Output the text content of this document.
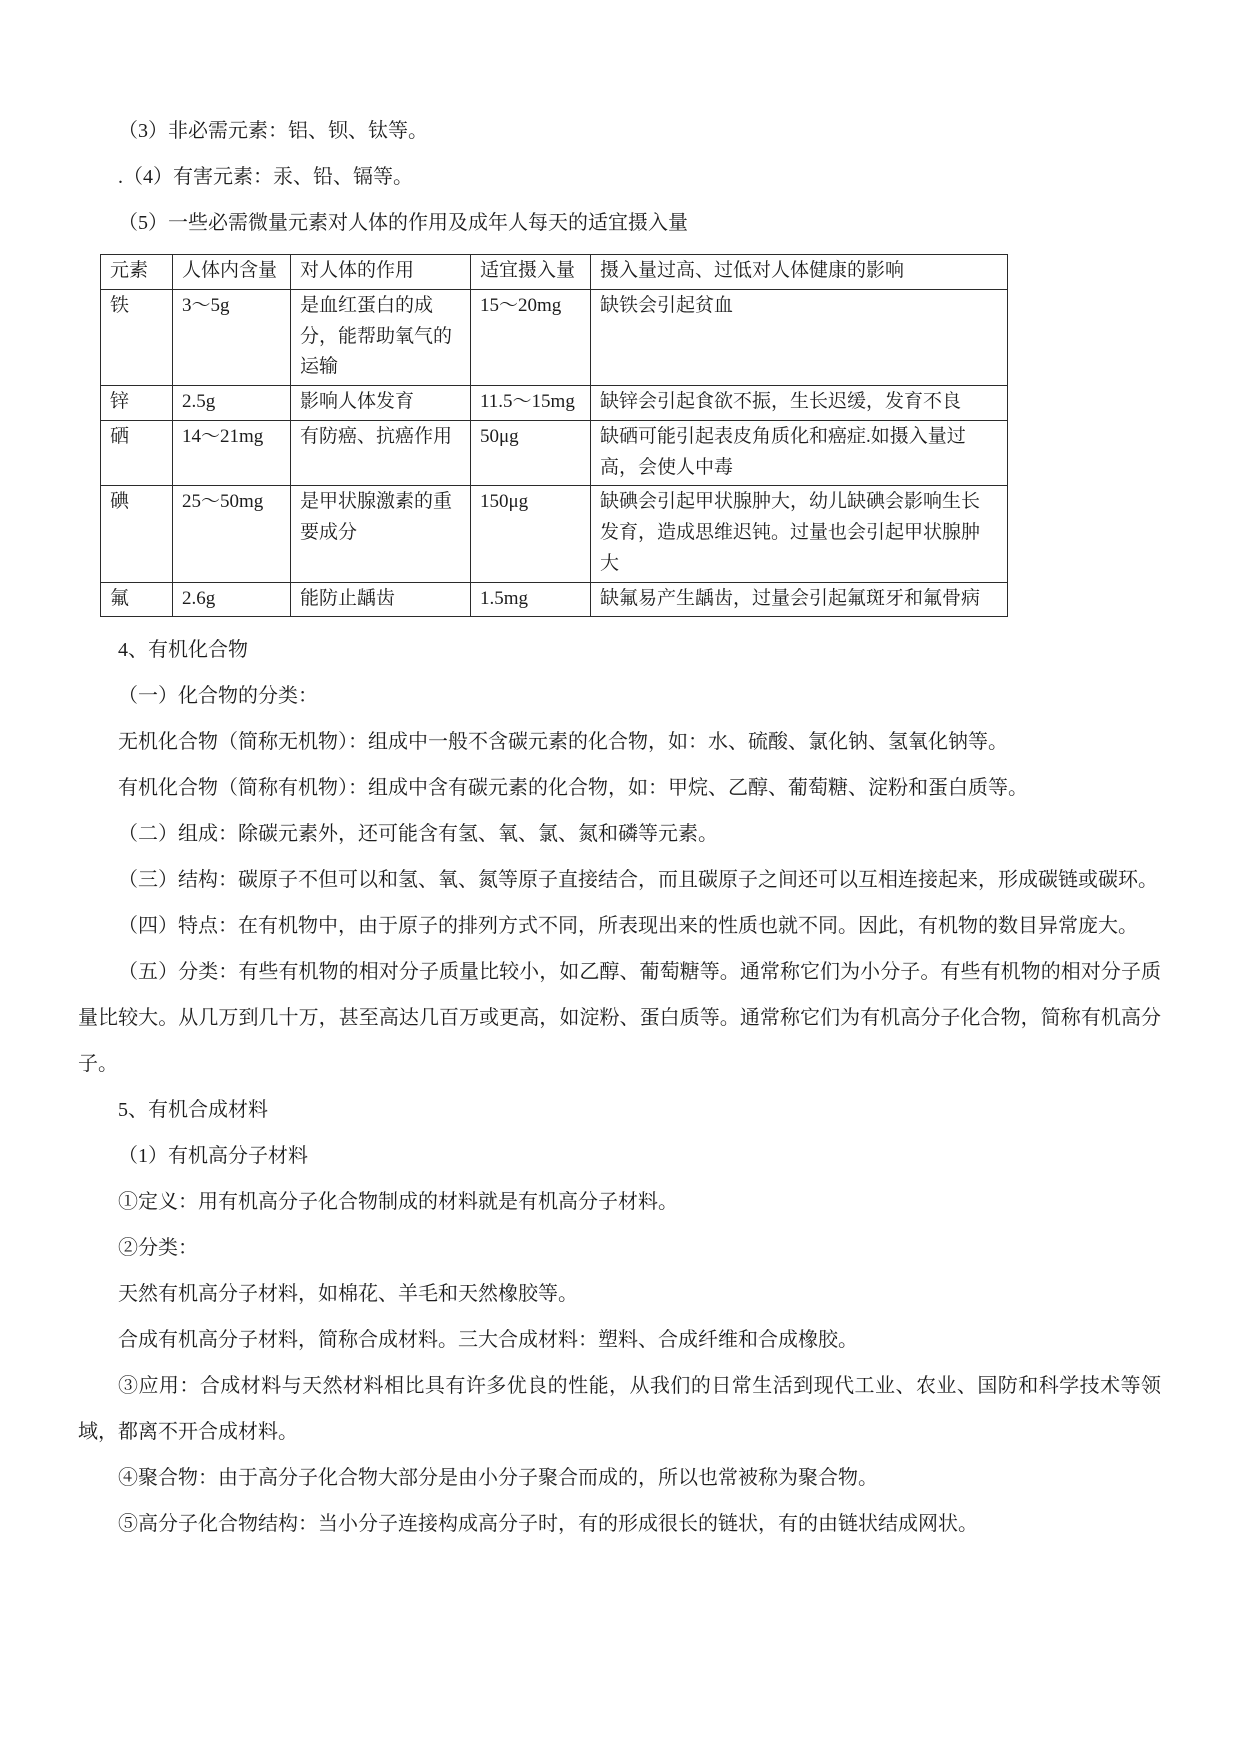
（3）非必需元素：铝、钡、钛等。

.（4）有害元素：汞、铅、镉等。

（5）一些必需微量元素对人体的作用及成年人每天的适宜摄入量

元素	人体内含量	对人体的作用	适宜摄入量	摄入量过高、过低对人体健康的影响
铁	3～5g	是血红蛋白的成分，能帮助氧气的运输	15～20mg	缺铁会引起贫血
锌	2.5g	影响人体发育	11.5～15mg	缺锌会引起食欲不振，生长迟缓，发育不良
硒	14～21mg	有防癌、抗癌作用	50μg	缺硒可能引起表皮角质化和癌症.如摄入量过高，会使人中毒
碘	25～50mg	是甲状腺激素的重要成分	150μg	缺碘会引起甲状腺肿大，幼儿缺碘会影响生长发育，造成思维迟钝。过量也会引起甲状腺肿大
氟	2.6g	能防止龋齿	1.5mg	缺氟易产生龋齿，过量会引起氟斑牙和氟骨病

4、有机化合物

（一）化合物的分类：

无机化合物（简称无机物）：组成中一般不含碳元素的化合物，如：水、硫酸、氯化钠、氢氧化钠等。

有机化合物（简称有机物）：组成中含有碳元素的化合物，如：甲烷、乙醇、葡萄糖、淀粉和蛋白质等。

（二）组成：除碳元素外，还可能含有氢、氧、氯、氮和磷等元素。

（三）结构：碳原子不但可以和氢、氧、氮等原子直接结合，而且碳原子之间还可以互相连接起来，形成碳链或碳环。

（四）特点：在有机物中，由于原子的排列方式不同，所表现出来的性质也就不同。因此，有机物的数目异常庞大。

（五）分类：有些有机物的相对分子质量比较小，如乙醇、葡萄糖等。通常称它们为小分子。有些有机物的相对分子质量比较大。从几万到几十万，甚至高达几百万或更高，如淀粉、蛋白质等。通常称它们为有机高分子化合物，简称有机高分子。

5、有机合成材料

（1）有机高分子材料

①定义：用有机高分子化合物制成的材料就是有机高分子材料。

②分类：

天然有机高分子材料，如棉花、羊毛和天然橡胶等。

合成有机高分子材料，简称合成材料。三大合成材料：塑料、合成纤维和合成橡胶。

③应用：合成材料与天然材料相比具有许多优良的性能，从我们的日常生活到现代工业、农业、国防和科学技术等领域，都离不开合成材料。

④聚合物：由于高分子化合物大部分是由小分子聚合而成的，所以也常被称为聚合物。

⑤高分子化合物结构：当小分子连接构成高分子时，有的形成很长的链状，有的由链状结成网状。
